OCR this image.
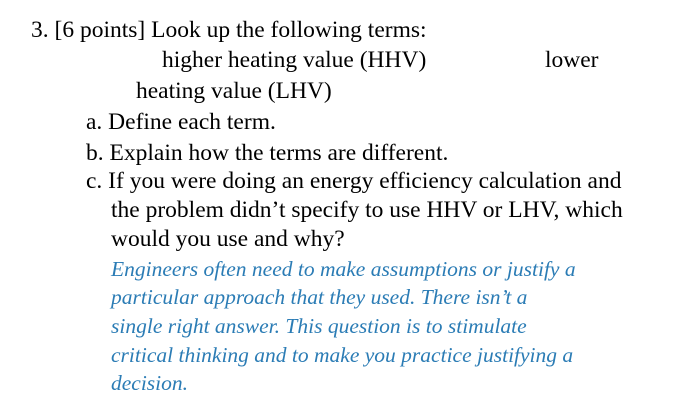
3. [6 points] Look up the following terms:
higher heating value (HHV)	lower
heating value (LHV)
a. Define each term.
b. Explain how the terms are different.
c. If you were doing an energy efficiency calculation and
the problem didn’t specify to use HHV or LHV, which
would you use and why?
Engineers often need to make assumptions or justify a
particular approach that they used. There isn’t a
single right answer. This question is to stimulate
critical thinking and to make you practice justifying a
decision.
